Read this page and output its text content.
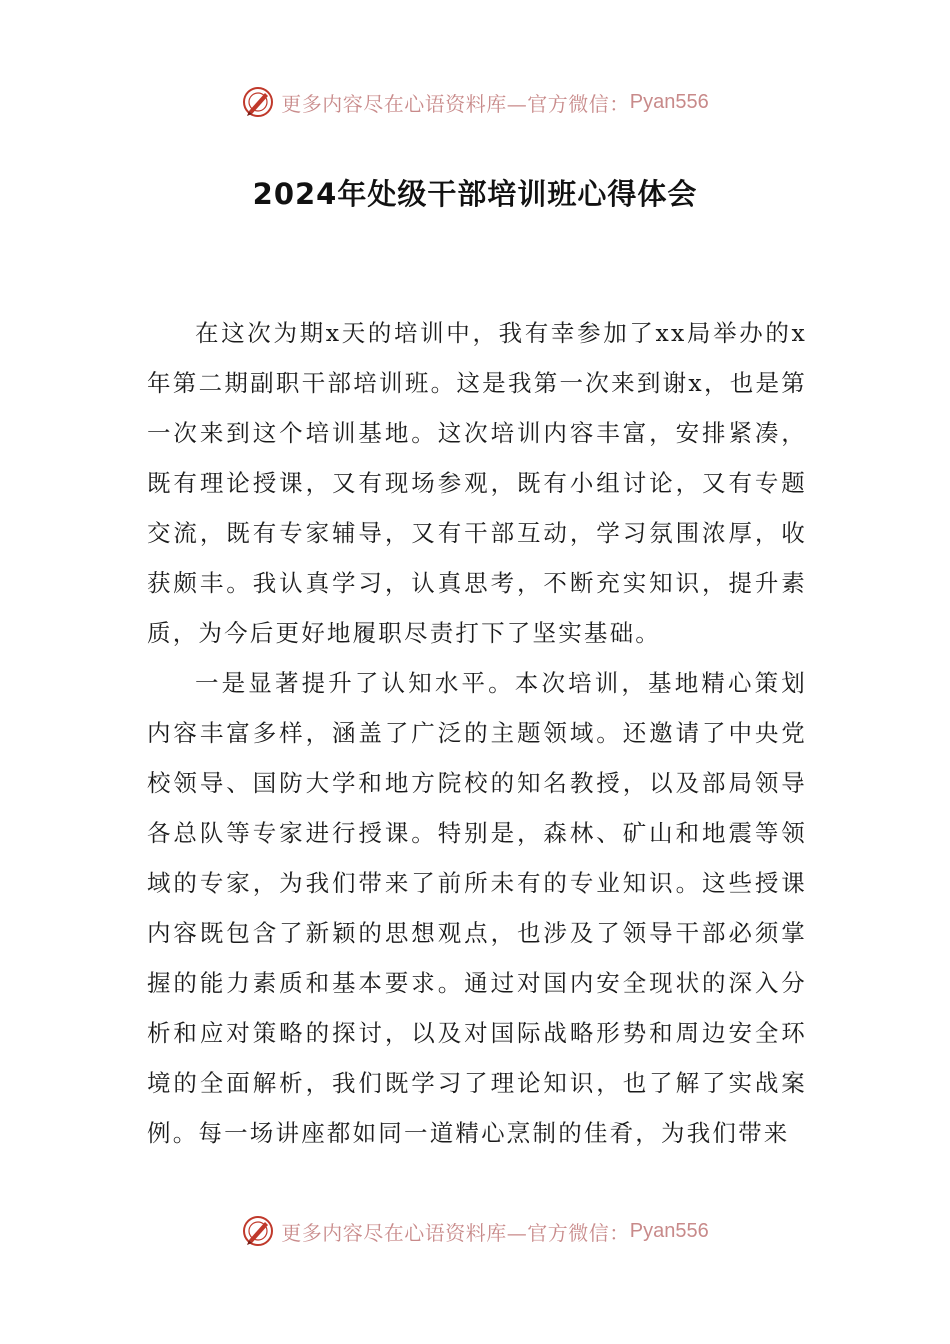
更多内容尽在心语资料库—官方微信： Pyan556
2024年处级干部培训班心得体会

在这次为期x天的培训中，我有幸参加了xx局举办的x年第二期副职干部培训班。这是我第一次来到谢x，也是第一次来到这个培训基地。这次培训内容丰富，安排紧凑，既有理论授课，又有现场参观，既有小组讨论，又有专题交流，既有专家辅导，又有干部互动，学习氛围浓厚，收获颇丰。我认真学习，认真思考，不断充实知识，提升素质，为今后更好地履职尽责打下了坚实基础。

一是显著提升了认知水平。本次培训，基地精心策划内容丰富多样，涵盖了广泛的主题领域。还邀请了中央党校领导、国防大学和地方院校的知名教授，以及部局领导各总队等专家进行授课。特别是，森林、矿山和地震等领域的专家，为我们带来了前所未有的专业知识。这些授课内容既包含了新颖的思想观点，也涉及了领导干部必须掌握的能力素质和基本要求。通过对国内安全现状的深入分析和应对策略的探讨，以及对国际战略形势和周边安全环境的全面解析，我们既学习了理论知识，也了解了实战案例。每一场讲座都如同一道精心烹制的佳肴，为我们带来

更多内容尽在心语资料库—官方微信： Pyan556
